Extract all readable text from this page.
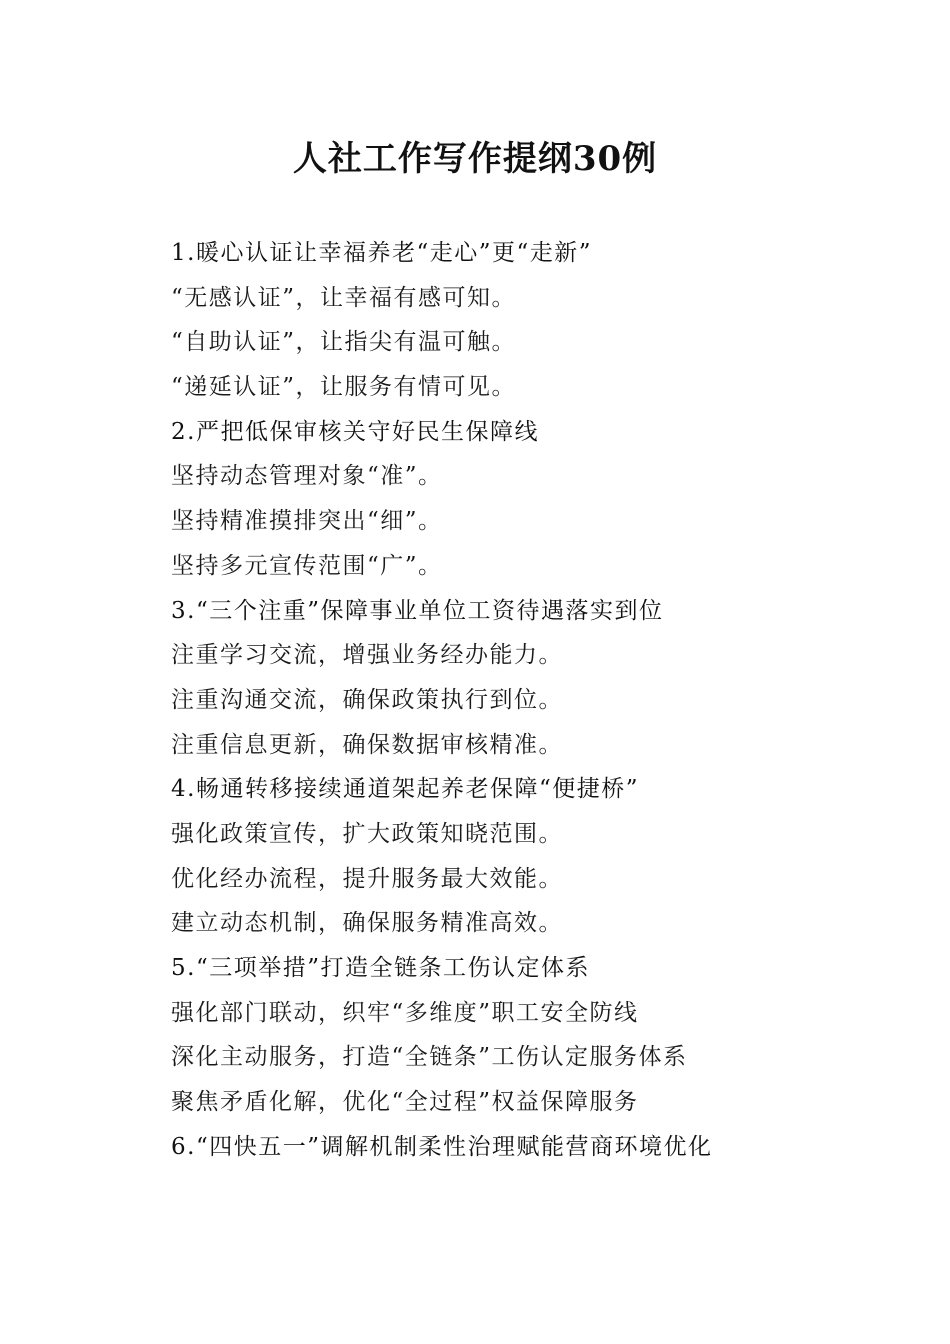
人社工作写作提纲30例
1.暖心认证让幸福养老“走心”更“走新”
“无感认证”，让幸福有感可知。
“自助认证”，让指尖有温可触。
“递延认证”，让服务有情可见。
2.严把低保审核关守好民生保障线
坚持动态管理对象“准”。
坚持精准摸排突出“细”。
坚持多元宣传范围“广”。
3.“三个注重”保障事业单位工资待遇落实到位
注重学习交流，增强业务经办能力。
注重沟通交流，确保政策执行到位。
注重信息更新，确保数据审核精准。
4.畅通转移接续通道架起养老保障“便捷桥”
强化政策宣传，扩大政策知晓范围。
优化经办流程，提升服务最大效能。
建立动态机制，确保服务精准高效。
5.“三项举措”打造全链条工伤认定体系
强化部门联动，织牢“多维度”职工安全防线
深化主动服务，打造“全链条”工伤认定服务体系
聚焦矛盾化解，优化“全过程”权益保障服务
6.“四快五一”调解机制柔性治理赋能营商环境优化
